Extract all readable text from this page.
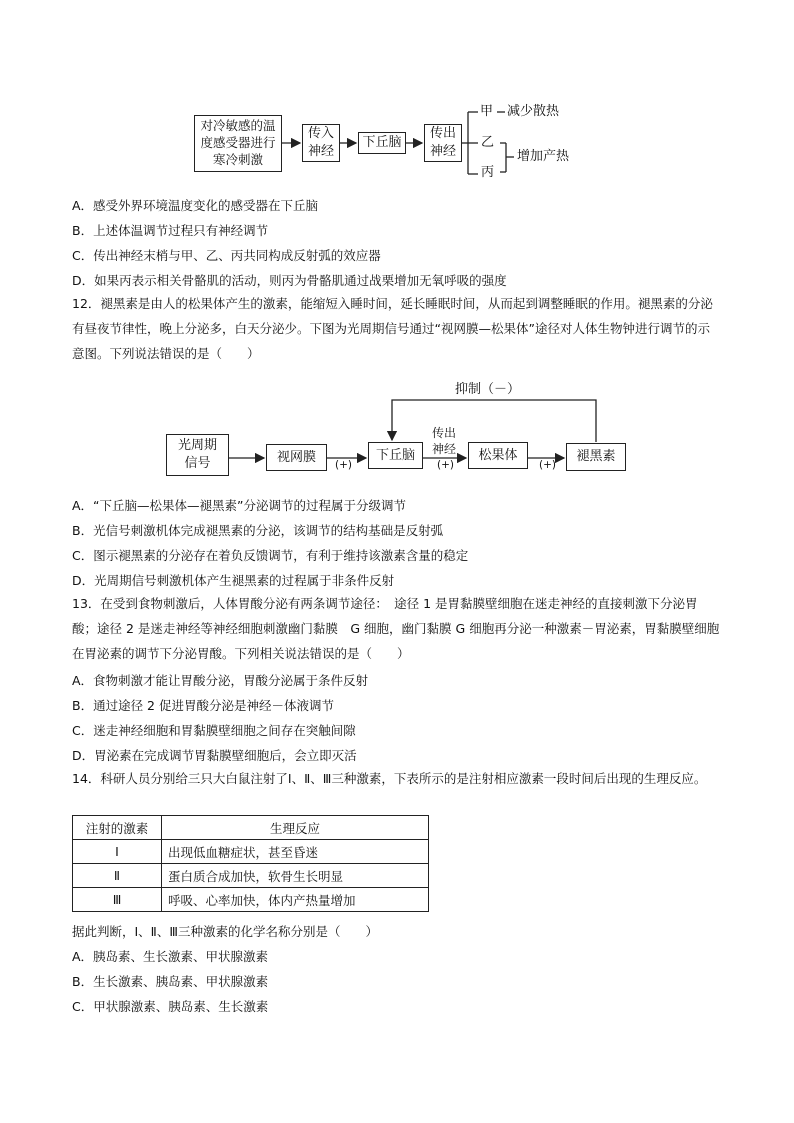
对冷敏感的温度感受器进行寒冷刺激
传入神经
下丘脑
传出神经
甲 减少散热
乙
丙
增加产热
A．感受外界环境温度变化的感受器在下丘脑
B．上述体温调节过程只有神经调节
C．传出神经末梢与甲、乙、丙共同构成反射弧的效应器
D．如果丙表示相关骨骼肌的活动，则丙为骨骼肌通过战栗增加无氧呼吸的强度
12．褪黑素是由人的松果体产生的激素，能缩短入睡时间，延长睡眠时间，从而起到调整睡眠的作用。褪黑素的分泌有昼夜节律性，晚上分泌多，白天分泌少。下图为光周期信号通过“视网膜—松果体”途径对人体生物钟进行调节的示意图。下列说法错误的是（　　）
光周期信号	视网膜	下丘脑	松果体	褪黑素
(+)	(+)	(+)
传出神经
抑制（－）
A．“下丘脑—松果体—褪黑素”分泌调节的过程属于分级调节
B．光信号刺激机体完成褪黑素的分泌，该调节的结构基础是反射弧
C．图示褪黑素的分泌存在着负反馈调节，有利于维持该激素含量的稳定
D．光周期信号刺激机体产生褪黑素的过程属于非条件反射
13．在受到食物刺激后，人体胃酸分泌有两条调节途径：　途径 1 是胃黏膜壁细胞在迷走神经的直接刺激下分泌胃酸；途径 2 是迷走神经等神经细胞刺激幽门黏膜　G 细胞，幽门黏膜 G 细胞再分泌一种激素－胃泌素，胃黏膜壁细胞在胃泌素的调节下分泌胃酸。下列相关说法错误的是（　　）
A．食物刺激才能让胃酸分泌，胃酸分泌属于条件反射
B．通过途径 2 促进胃酸分泌是神经－体液调节
C．迷走神经细胞和胃黏膜壁细胞之间存在突触间隙
D．胃泌素在完成调节胃黏膜壁细胞后，会立即灭活
14．科研人员分别给三只大白鼠注射了Ⅰ、Ⅱ、Ⅲ三种激素，下表所示的是注射相应激素一段时间后出现的生理反应。
注射的激素	生理反应
Ⅰ	出现低血糖症状，甚至昏迷
Ⅱ	蛋白质合成加快，软骨生长明显
Ⅲ	呼吸、心率加快，体内产热量增加
据此判断，Ⅰ、Ⅱ、Ⅲ三种激素的化学名称分别是（　　）
A．胰岛素、生长激素、甲状腺激素
B．生长激素、胰岛素、甲状腺激素
C．甲状腺激素、胰岛素、生长激素
